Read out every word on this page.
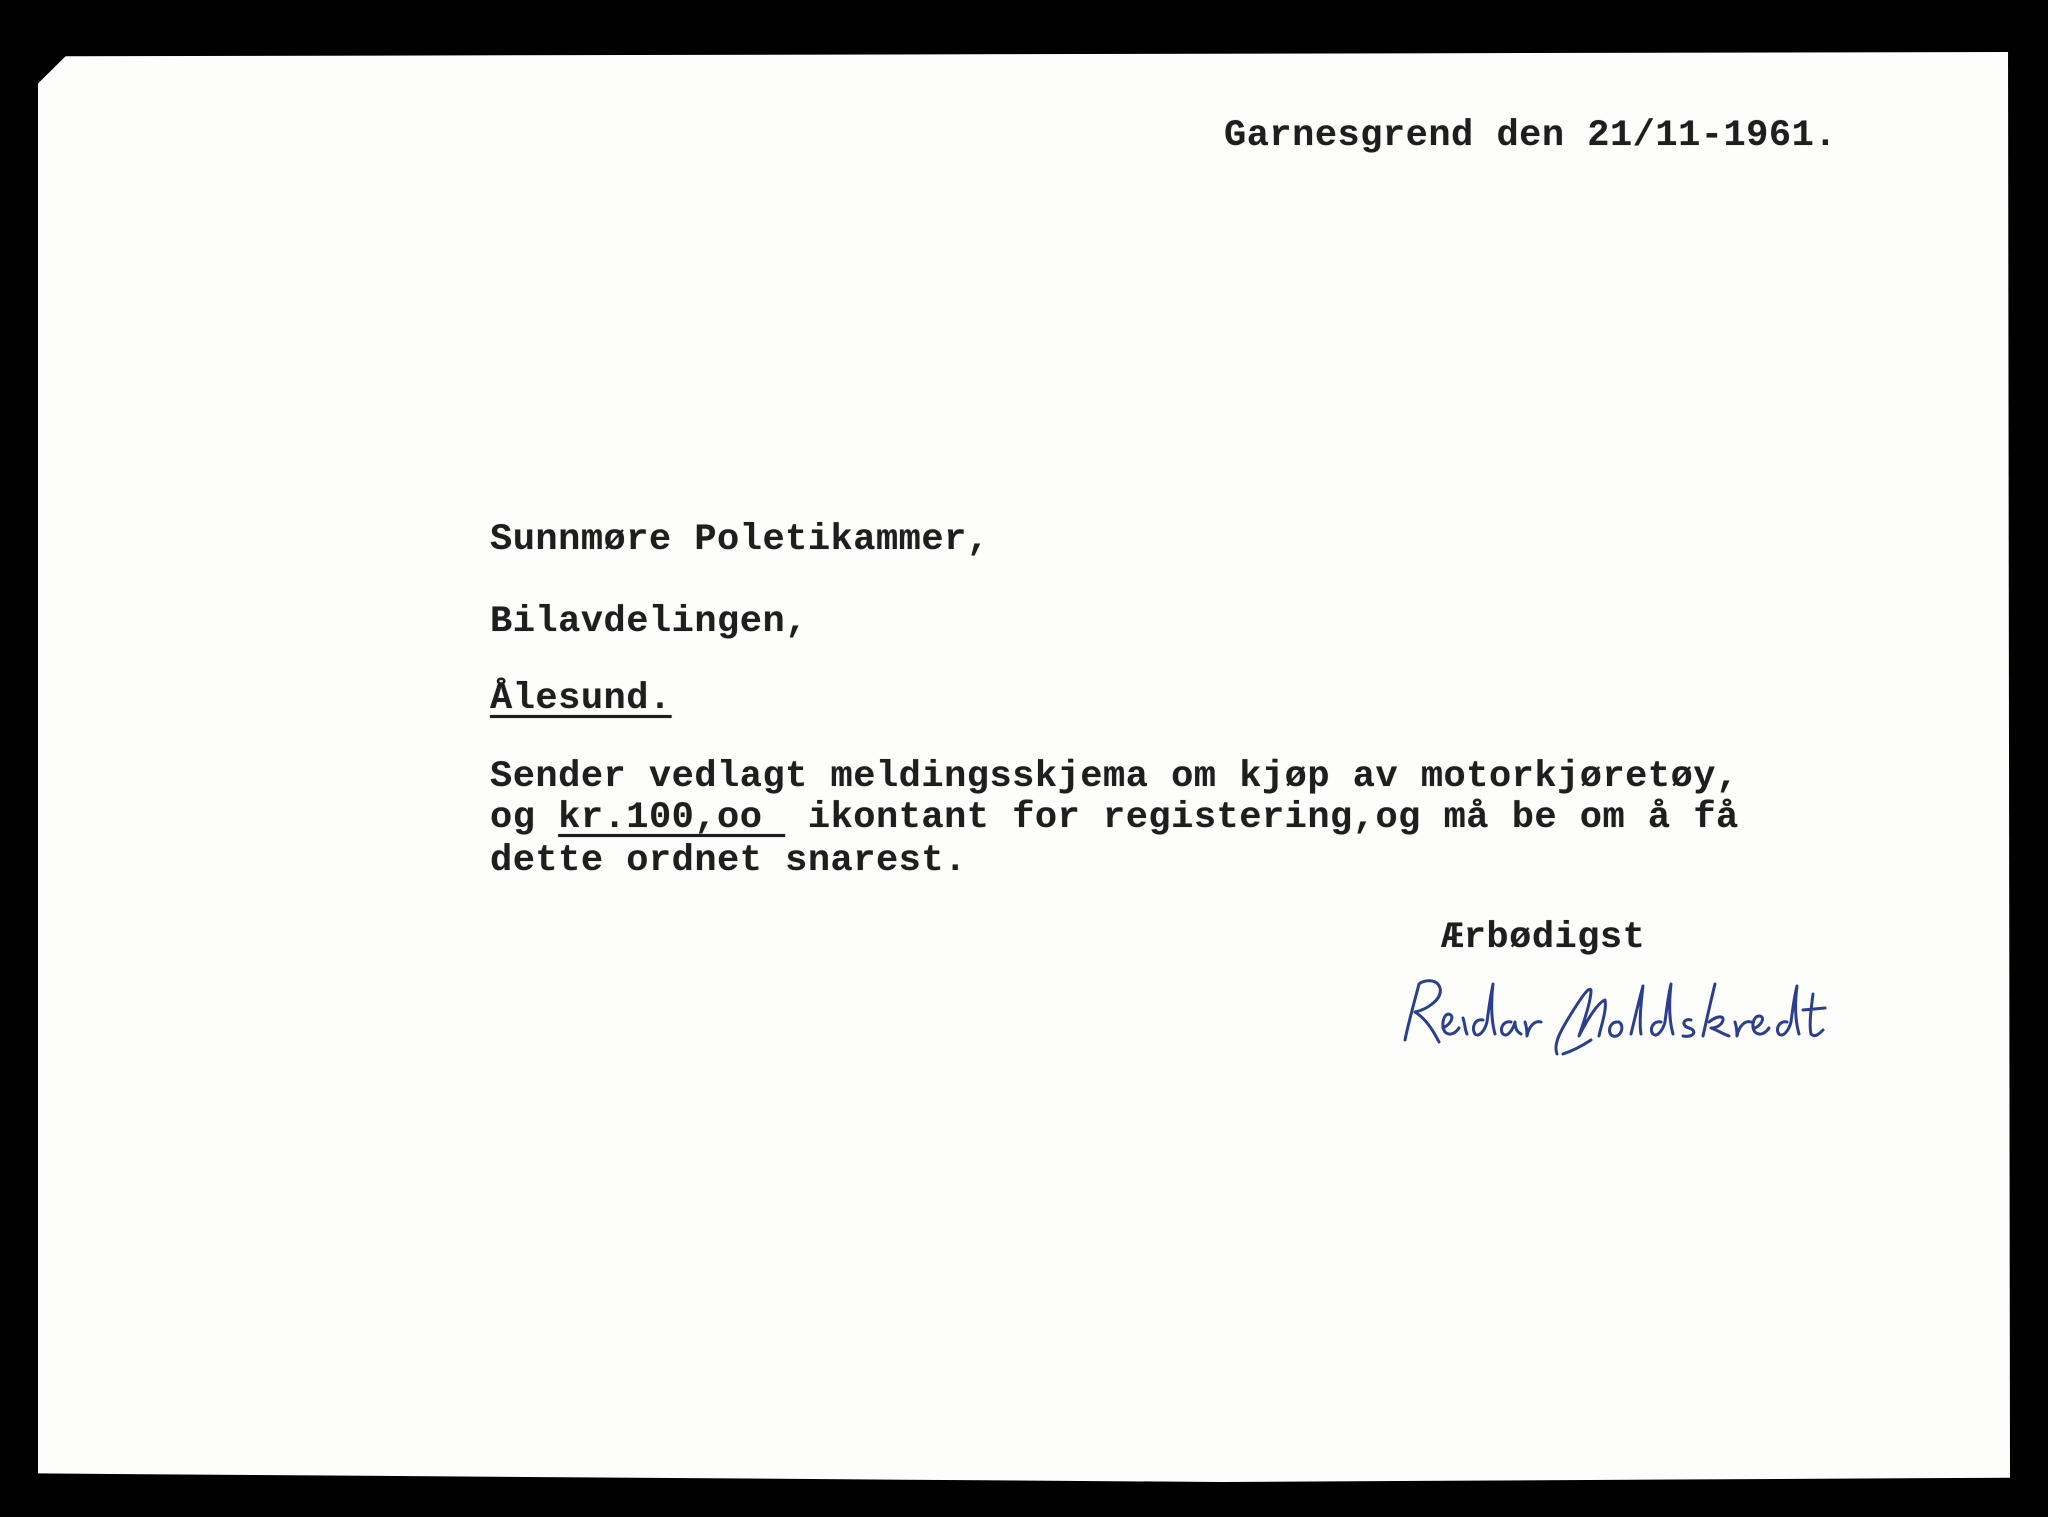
Garnesgrend den 21/11-1961.
Sunnmøre Poletikammer,
Bilavdelingen,
Ålesund.
Sender vedlagt meldingsskjema om kjøp av motorkjøretøy,
og kr.100,oo  ikontant for registering,og må be om å få
dette ordnet snarest.
Ærbødigst
